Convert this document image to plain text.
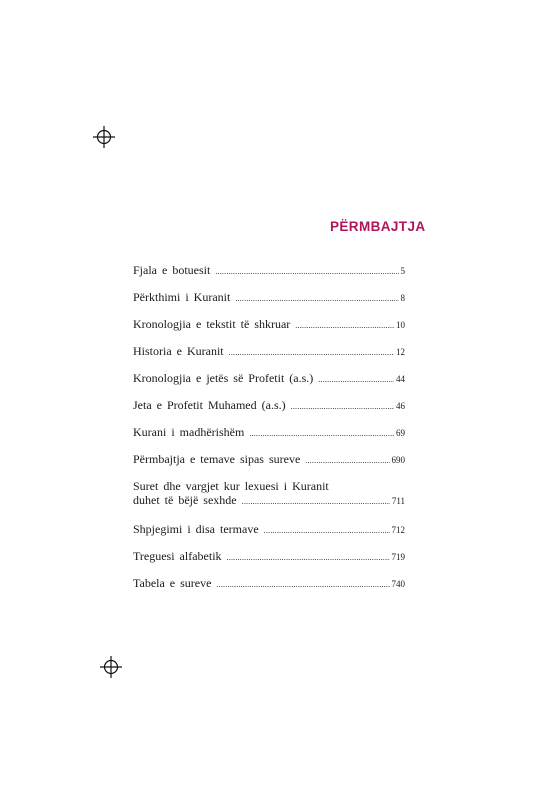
PËRMBAJTJA
Fjala e botuesit .....	5
Përkthimi i Kuranit .....	8
Kronologjia e tekstit të shkruar .....	10
Historia e Kuranit .....	12
Kronologjia e jetës së Profetit (a.s.) .....	44
Jeta e Profetit Muhamed (a.s.) .....	46
Kurani i madhërishëm .....	69
Përmbajtja e temave sipas sureve .....	690
Suret dhe vargjet kur lexuesi i Kuranit
duhet të bëjë sexhde .....	711
Shpjegimi i disa termave .....	712
Treguesi alfabetik .....	719
Tabela e sureve .....	740
